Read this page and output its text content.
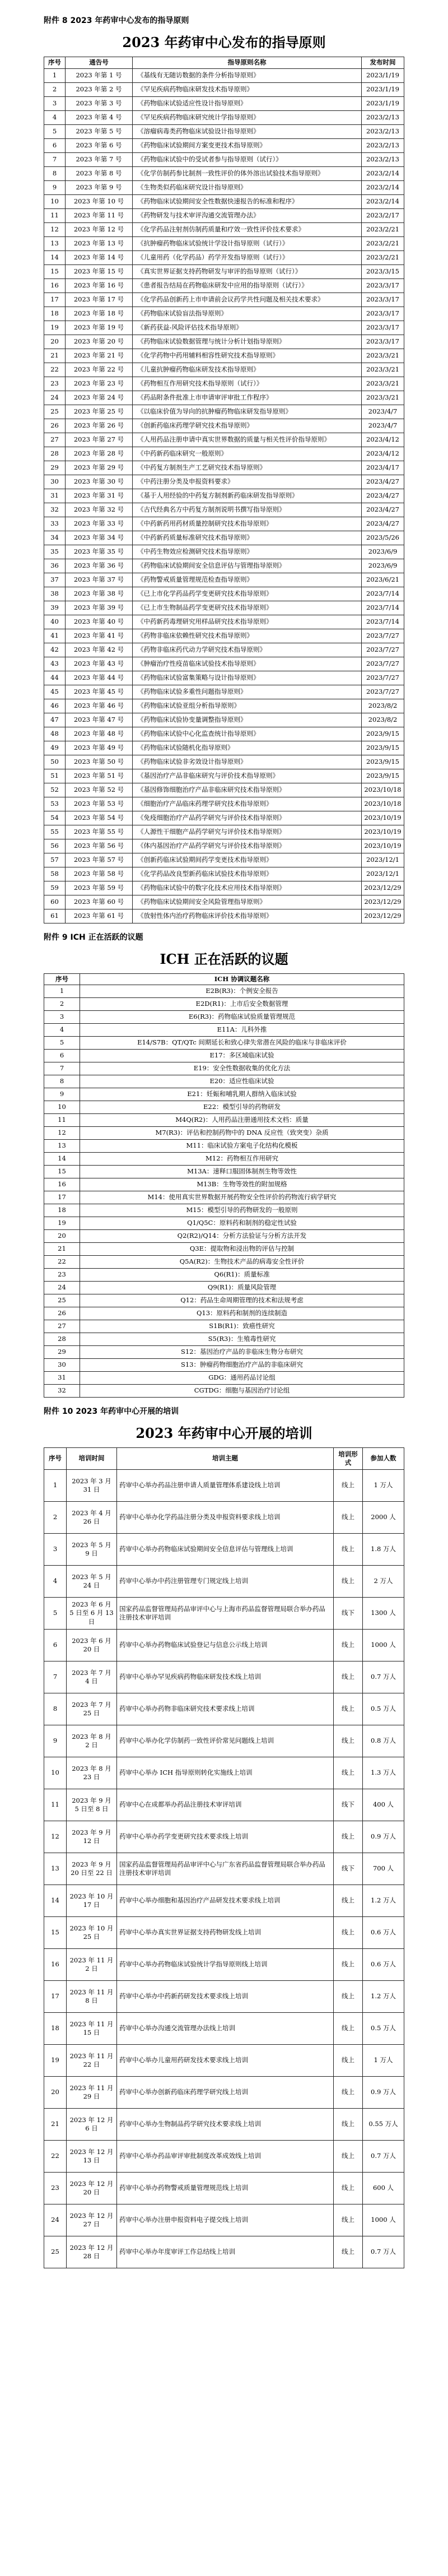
附件 8 2023 年药审中心发布的指导原则
2023 年药审中心发布的指导原则
序号	通告号	指导原则名称	发布时间
1	2023 年第 1 号	《基线有无随访数据的条件分析指导原则》	2023/1/19
2	2023 年第 2 号	《罕见疾病药物临床研发技术指导原则》	2023/1/19
3	2023 年第 3 号	《药物临床试验适应性设计指导原则》	2023/1/19
4	2023 年第 4 号	《罕见疾病药物临床研究统计学指导原则》	2023/2/13
5	2023 年第 5 号	《溶瘤病毒类药物临床试验设计指导原则》	2023/2/13
6	2023 年第 6 号	《药物临床试验期间方案变更技术指导原则》	2023/2/13
7	2023 年第 7 号	《药物临床试验中的受试者参与指导原则（试行）》	2023/2/13
8	2023 年第 8 号	《化学仿制药参比制剂一致性评价的体外溶出试验技术指导原则》	2023/2/14
9	2023 年第 9 号	《生物类似药临床研究设计指导原则》	2023/2/14
10	2023 年第 10 号	《药物临床试验期间安全性数据快速报告的标准和程序》	2023/2/14
11	2023 年第 11 号	《药物研发与技术审评沟通交流管理办法》	2023/2/17
12	2023 年第 12 号	《化学药品注射剂仿制药质量和疗效一致性评价技术要求》	2023/2/21
13	2023 年第 13 号	《抗肿瘤药物临床试验统计学设计指导原则（试行）》	2023/2/21
14	2023 年第 14 号	《儿童用药（化学药品）药学开发指导原则（试行）》	2023/2/21
15	2023 年第 15 号	《真实世界证据支持药物研发与审评的指导原则（试行）》	2023/3/15
16	2023 年第 16 号	《患者报告结局在药物临床研发中应用的指导原则（试行）》	2023/3/17
17	2023 年第 17 号	《化学药品创新药上市申请前会议药学共性问题及相关技术要求》	2023/3/17
18	2023 年第 18 号	《药物临床试验盲法指导原则》	2023/3/17
19	2023 年第 19 号	《新药获益-风险评估技术指导原则》	2023/3/17
20	2023 年第 20 号	《药物临床试验数据管理与统计分析计划指导原则》	2023/3/17
21	2023 年第 21 号	《化学药物中药用辅料相容性研究技术指导原则》	2023/3/21
22	2023 年第 22 号	《儿童抗肿瘤药物临床研发技术指导原则》	2023/3/21
23	2023 年第 23 号	《药物相互作用研究技术指导原则（试行）》	2023/3/21
24	2023 年第 24 号	《药品附条件批准上市申请审评审批工作程序》	2023/3/21
25	2023 年第 25 号	《以临床价值为导向的抗肿瘤药物临床研发指导原则》	2023/4/7
26	2023 年第 26 号	《创新药临床药理学研究技术指导原则》	2023/4/7
27	2023 年第 27 号	《人用药品注册申请中真实世界数据的质量与相关性评价指导原则》	2023/4/12
28	2023 年第 28 号	《中药新药临床研究一般原则》	2023/4/12
29	2023 年第 29 号	《中药复方制剂生产工艺研究技术指导原则》	2023/4/17
30	2023 年第 30 号	《中药注册分类及申报资料要求》	2023/4/27
31	2023 年第 31 号	《基于人用经验的中药复方制剂新药临床研发指导原则》	2023/4/27
32	2023 年第 32 号	《古代经典名方中药复方制剂说明书撰写指导原则》	2023/4/27
33	2023 年第 33 号	《中药新药用药材质量控制研究技术指导原则》	2023/4/27
34	2023 年第 34 号	《中药新药质量标准研究技术指导原则》	2023/5/26
35	2023 年第 35 号	《中药生物效应检测研究技术指导原则》	2023/6/9
36	2023 年第 36 号	《药物临床试验期间安全信息评估与管理指导原则》	2023/6/9
37	2023 年第 37 号	《药物警戒质量管理规范检查指导原则》	2023/6/21
38	2023 年第 38 号	《已上市化学药品药学变更研究技术指导原则》	2023/7/14
39	2023 年第 39 号	《已上市生物制品药学变更研究技术指导原则》	2023/7/14
40	2023 年第 40 号	《中药新药毒理研究用样品研究技术指导原则》	2023/7/14
41	2023 年第 41 号	《药物非临床依赖性研究技术指导原则》	2023/7/27
42	2023 年第 42 号	《药物非临床药代动力学研究技术指导原则》	2023/7/27
43	2023 年第 43 号	《肿瘤治疗性疫苗临床试验技术指导原则》	2023/7/27
44	2023 年第 44 号	《药物临床试验富集策略与设计指导原则》	2023/7/27
45	2023 年第 45 号	《药物临床试验多重性问题指导原则》	2023/7/27
46	2023 年第 46 号	《药物临床试验亚组分析指导原则》	2023/8/2
47	2023 年第 47 号	《药物临床试验协变量调整指导原则》	2023/8/2
48	2023 年第 48 号	《药物临床试验中心化监查统计指导原则》	2023/9/15
49	2023 年第 49 号	《药物临床试验随机化指导原则》	2023/9/15
50	2023 年第 50 号	《药物临床试验非劣效设计指导原则》	2023/9/15
51	2023 年第 51 号	《基因治疗产品非临床研究与评价技术指导原则》	2023/9/15
52	2023 年第 52 号	《基因修饰细胞治疗产品非临床研究技术指导原则》	2023/10/18
53	2023 年第 53 号	《细胞治疗产品临床药理学研究技术指导原则》	2023/10/18
54	2023 年第 54 号	《免疫细胞治疗产品药学研究与评价技术指导原则》	2023/10/19
55	2023 年第 55 号	《人源性干细胞产品药学研究与评价技术指导原则》	2023/10/19
56	2023 年第 56 号	《体内基因治疗产品药学研究与评价技术指导原则》	2023/10/19
57	2023 年第 57 号	《创新药临床试验期间药学变更技术指导原则》	2023/12/1
58	2023 年第 58 号	《化学药品改良型新药临床试验技术指导原则》	2023/12/1
59	2023 年第 59 号	《药物临床试验中的数字化技术应用技术指导原则》	2023/12/29
60	2023 年第 60 号	《药物临床试验期间安全风险管理指导原则》	2023/12/29
61	2023 年第 61 号	《放射性体内治疗药物临床评价技术指导原则》	2023/12/29
附件 9 ICH 正在活跃的议题
ICH 正在活跃的议题
序号	ICH 协调议题名称
1	E2B(R3)：个例安全报告
2	E2D(R1)：上市后安全数据管理
3	E6(R3)：药物临床试验质量管理规范
4	E11A：儿科外推
5	E14/S7B：QT/QTc 间期延长和致心律失常潜在风险的临床与非临床评价
6	E17：多区域临床试验
7	E19：安全性数据收集的优化方法
8	E20：适应性临床试验
9	E21：妊娠和哺乳期人群纳入临床试验
10	E22：模型引导的药物研发
11	M4Q(R2)：人用药品注册通用技术文档：质量
12	M7(R3)：评估和控制药物中的 DNA 反应性（致突变）杂质
13	M11：临床试验方案电子化结构化模板
14	M12：药物相互作用研究
15	M13A：速释口服固体制剂生物等效性
16	M13B：生物等效性的附加规格
17	M14：使用真实世界数据开展药物安全性评价的药物流行病学研究
18	M15：模型引导的药物研发的一般原则
19	Q1/Q5C：原料药和制剂的稳定性试验
20	Q2(R2)/Q14：分析方法验证与分析方法开发
21	Q3E：提取物和浸出物的评估与控制
22	Q5A(R2)：生物技术产品的病毒安全性评价
23	Q6(R1)：质量标准
24	Q9(R1)：质量风险管理
25	Q12：药品生命周期管理的技术和法规考虑
26	Q13：原料药和制剂的连续制造
27	S1B(R1)：致癌性研究
28	S5(R3)：生殖毒性研究
29	S12：基因治疗产品的非临床生物分布研究
30	S13：肿瘤药物细胞治疗产品的非临床研究
31	GDG：通用药品讨论组
32	CGTDG：细胞与基因治疗讨论组
附件 10 2023 年药审中心开展的培训
2023 年药审中心开展的培训
序号	培训时间	培训主题	培训形式	参加人数
1	2023 年 3 月 31 日	药审中心举办药品注册申请人质量管理体系建设线上培训	线上	1 万人
2	2023 年 4 月 26 日	药审中心举办化学药品注册分类及申报资料要求线上培训	线上	2000 人
3	2023 年 5 月 9 日	药审中心举办药物临床试验期间安全信息评估与管理线上培训	线上	1.8 万人
4	2023 年 5 月 24 日	药审中心举办中药注册管理专门规定线上培训	线上	2 万人
5	2023 年 6 月 5 日至 6 月 13 日	国家药品监督管理局药品审评中心与上海市药品监督管理局联合举办药品注册技术审评培训	线下	1300 人
6	2023 年 6 月 20 日	药审中心举办药物临床试验登记与信息公示线上培训	线上	1000 人
7	2023 年 7 月 4 日	药审中心举办罕见疾病药物临床研发技术线上培训	线上	0.7 万人
8	2023 年 7 月 25 日	药审中心举办药物非临床研究技术要求线上培训	线上	0.5 万人
9	2023 年 8 月 2 日	药审中心举办化学仿制药一致性评价常见问题线上培训	线上	0.8 万人
10	2023 年 8 月 23 日	药审中心举办 ICH 指导原则转化实施线上培训	线上	1.3 万人
11	2023 年 9 月 5 日至 8 日	药审中心在成都举办药品注册技术审评培训	线下	400 人
12	2023 年 9 月 12 日	药审中心举办药学变更研究技术要求线上培训	线上	0.9 万人
13	2023 年 9 月 20 日至 22 日	国家药品监督管理局药品审评中心与广东省药品监督管理局联合举办药品注册技术审评培训	线下	700 人
14	2023 年 10 月 17 日	药审中心举办细胞和基因治疗产品研发技术要求线上培训	线上	1.2 万人
15	2023 年 10 月 25 日	药审中心举办真实世界证据支持药物研发线上培训	线上	0.6 万人
16	2023 年 11 月 2 日	药审中心举办药物临床试验统计学指导原则线上培训	线上	0.6 万人
17	2023 年 11 月 8 日	药审中心举办中药新药研发技术要求线上培训	线上	1.2 万人
18	2023 年 11 月 15 日	药审中心举办沟通交流管理办法线上培训	线上	0.5 万人
19	2023 年 11 月 22 日	药审中心举办儿童用药研发技术要求线上培训	线上	1 万人
20	2023 年 11 月 29 日	药审中心举办创新药临床药理学研究线上培训	线上	0.9 万人
21	2023 年 12 月 6 日	药审中心举办生物制品药学研究技术要求线上培训	线上	0.55 万人
22	2023 年 12 月 13 日	药审中心举办药品审评审批制度改革成效线上培训	线上	0.7 万人
23	2023 年 12 月 20 日	药审中心举办药物警戒质量管理规范线上培训	线上	600 人
24	2023 年 12 月 27 日	药审中心举办注册申报资料电子提交线上培训	线上	1000 人
25	2023 年 12 月 28 日	药审中心举办年度审评工作总结线上培训	线上	0.7 万人
